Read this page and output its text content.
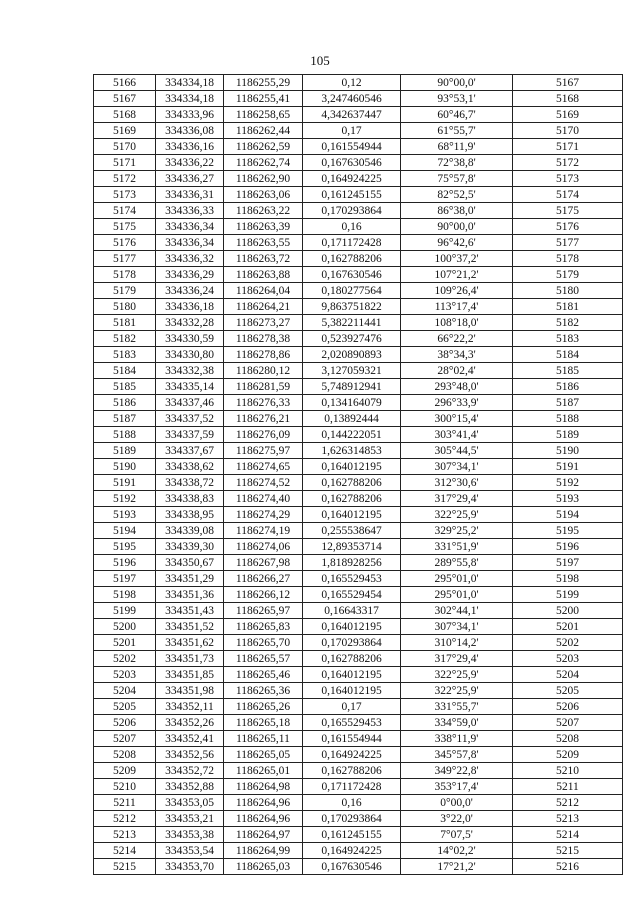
105
5166	334334,18	1186255,29	0,12	90°00,0'	5167
5167	334334,18	1186255,41	3,247460546	93°53,1'	5168
5168	334333,96	1186258,65	4,342637447	60°46,7'	5169
5169	334336,08	1186262,44	0,17	61°55,7'	5170
5170	334336,16	1186262,59	0,161554944	68°11,9'	5171
5171	334336,22	1186262,74	0,167630546	72°38,8'	5172
5172	334336,27	1186262,90	0,164924225	75°57,8'	5173
5173	334336,31	1186263,06	0,161245155	82°52,5'	5174
5174	334336,33	1186263,22	0,170293864	86°38,0'	5175
5175	334336,34	1186263,39	0,16	90°00,0'	5176
5176	334336,34	1186263,55	0,171172428	96°42,6'	5177
5177	334336,32	1186263,72	0,162788206	100°37,2'	5178
5178	334336,29	1186263,88	0,167630546	107°21,2'	5179
5179	334336,24	1186264,04	0,180277564	109°26,4'	5180
5180	334336,18	1186264,21	9,863751822	113°17,4'	5181
5181	334332,28	1186273,27	5,382211441	108°18,0'	5182
5182	334330,59	1186278,38	0,523927476	66°22,2'	5183
5183	334330,80	1186278,86	2,020890893	38°34,3'	5184
5184	334332,38	1186280,12	3,127059321	28°02,4'	5185
5185	334335,14	1186281,59	5,748912941	293°48,0'	5186
5186	334337,46	1186276,33	0,134164079	296°33,9'	5187
5187	334337,52	1186276,21	0,13892444	300°15,4'	5188
5188	334337,59	1186276,09	0,144222051	303°41,4'	5189
5189	334337,67	1186275,97	1,626314853	305°44,5'	5190
5190	334338,62	1186274,65	0,164012195	307°34,1'	5191
5191	334338,72	1186274,52	0,162788206	312°30,6'	5192
5192	334338,83	1186274,40	0,162788206	317°29,4'	5193
5193	334338,95	1186274,29	0,164012195	322°25,9'	5194
5194	334339,08	1186274,19	0,255538647	329°25,2'	5195
5195	334339,30	1186274,06	12,89353714	331°51,9'	5196
5196	334350,67	1186267,98	1,818928256	289°55,8'	5197
5197	334351,29	1186266,27	0,165529453	295°01,0'	5198
5198	334351,36	1186266,12	0,165529454	295°01,0'	5199
5199	334351,43	1186265,97	0,16643317	302°44,1'	5200
5200	334351,52	1186265,83	0,164012195	307°34,1'	5201
5201	334351,62	1186265,70	0,170293864	310°14,2'	5202
5202	334351,73	1186265,57	0,162788206	317°29,4'	5203
5203	334351,85	1186265,46	0,164012195	322°25,9'	5204
5204	334351,98	1186265,36	0,164012195	322°25,9'	5205
5205	334352,11	1186265,26	0,17	331°55,7'	5206
5206	334352,26	1186265,18	0,165529453	334°59,0'	5207
5207	334352,41	1186265,11	0,161554944	338°11,9'	5208
5208	334352,56	1186265,05	0,164924225	345°57,8'	5209
5209	334352,72	1186265,01	0,162788206	349°22,8'	5210
5210	334352,88	1186264,98	0,171172428	353°17,4'	5211
5211	334353,05	1186264,96	0,16	0°00,0'	5212
5212	334353,21	1186264,96	0,170293864	3°22,0'	5213
5213	334353,38	1186264,97	0,161245155	7°07,5'	5214
5214	334353,54	1186264,99	0,164924225	14°02,2'	5215
5215	334353,70	1186265,03	0,167630546	17°21,2'	5216
